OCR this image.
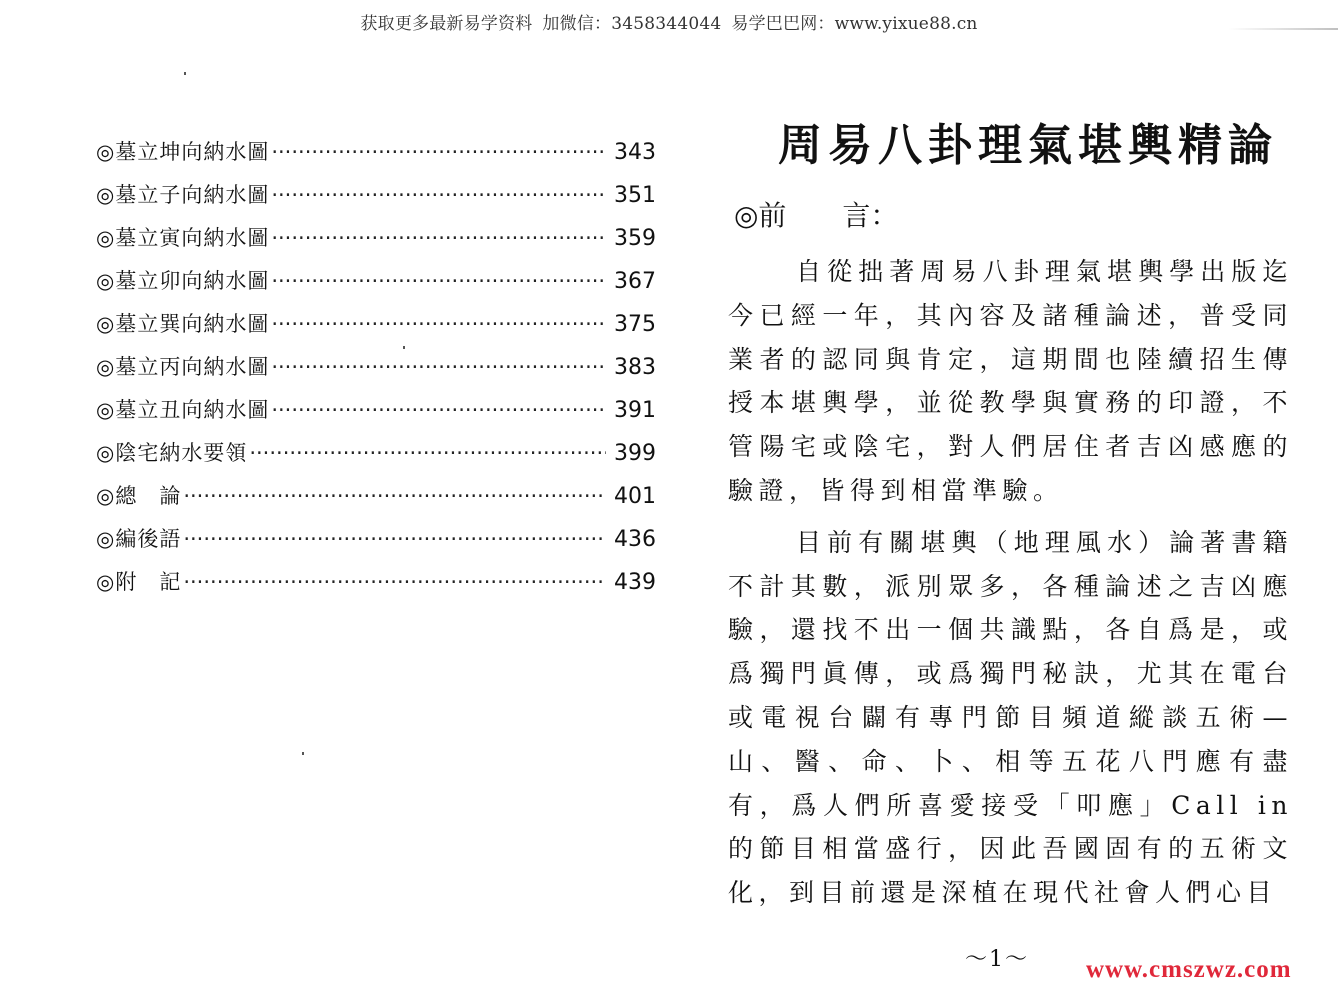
获取更多最新易学资料 加微信：3458344044 易学巴巴网：www.yixue88.cn
◎墓立坤向納水圖 ·····	343
◎墓立子向納水圖 ·····	351
◎墓立寅向納水圖 ·····	359
◎墓立卯向納水圖 ·····	367
◎墓立巽向納水圖 ·····	375
◎墓立丙向納水圖 ·····	383
◎墓立丑向納水圖 ·····	391
◎陰宅納水要領 ·····	399
◎總　論 ·····	401
◎編後語 ·····	436
◎附　記 ·····	439
周易八卦理氣堪輿精論
◎前　　言：

自從拙著周易八卦理氣堪輿學出版迄今已經一年，其內容及諸種論述，普受同業者的認同與肯定，這期間也陸續招生傳授本堪輿學，並從教學與實務的印證，不管陽宅或陰宅，對人們居住者吉凶感應的驗證，皆得到相當準驗。

目前有關堪輿（地理風水）論著書籍不計其數，派別眾多，各種論述之吉凶應驗，還找不出一個共識點，各自爲是，或爲獨門眞傳，或爲獨門秘訣，尤其在電台或電視台闢有專門節目頻道縱談五術—山、醫、命、卜、相等五花八門應有盡有，爲人們所喜愛接受「叩應」Call in的節目相當盛行，因此吾國固有的五術文化，到目前還是深植在現代社會人們心目

～1～ www.cmszwz.com
